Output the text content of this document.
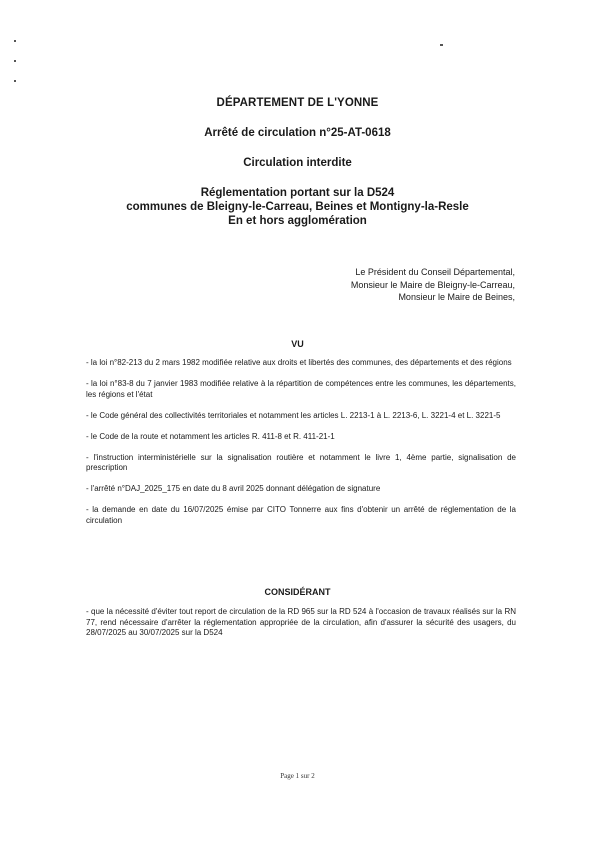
DÉPARTEMENT DE L'YONNE
Arrêté de circulation n°25-AT-0618
Circulation interdite
Réglementation portant sur la D524
communes de Bleigny-le-Carreau, Beines et Montigny-la-Resle
En et hors agglomération
Le Président du Conseil Départemental,
Monsieur le Maire de Bleigny-le-Carreau,
Monsieur le Maire de Beines,
VU

- la loi n°82-213 du 2 mars 1982 modifiée relative aux droits et libertés des communes, des départements et des régions

- la loi n°83-8 du 7 janvier 1983 modifiée relative à la répartition de compétences entre les communes, les départements, les régions et l'état

- le Code général des collectivités territoriales et notamment les articles L. 2213-1 à L. 2213-6, L. 3221-4 et L. 3221-5

- le Code de la route et notamment les articles R. 411-8 et R. 411-21-1

- l'instruction interministérielle sur la signalisation routière et notamment le livre 1, 4ème partie, signalisation de prescription

- l'arrêté n°DAJ_2025_175 en date du 8 avril 2025 donnant délégation de signature

- la demande en date du 16/07/2025 émise par CITO Tonnerre aux fins d'obtenir un arrêté de réglementation de la circulation

CONSIDÉRANT

- que la nécessité d'éviter tout report de circulation de la RD 965 sur la RD 524 à l'occasion de travaux réalisés sur la RN 77, rend nécessaire d'arrêter la réglementation appropriée de la circulation, afin d'assurer la sécurité des usagers, du 28/07/2025 au 30/07/2025 sur la D524

Page 1 sur 2
